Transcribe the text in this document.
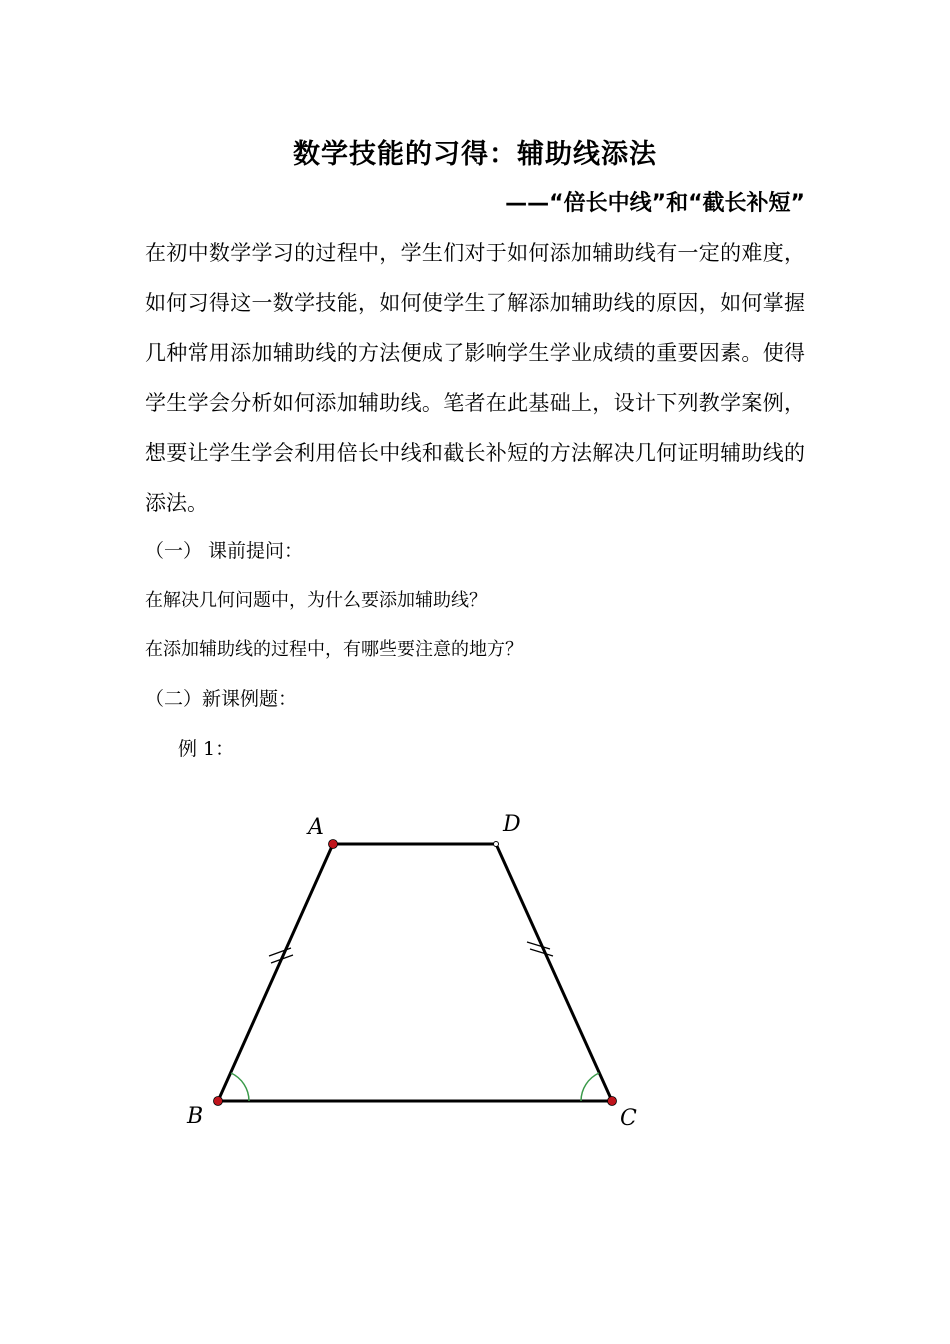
数学技能的习得：辅助线添法
——“倍长中线”和“截长补短”
在初中数学学习的过程中，学生们对于如何添加辅助线有一定的难度，如何习得这一数学技能，如何使学生了解添加辅助线的原因，如何掌握几种常用添加辅助线的方法便成了影响学生学业成绩的重要因素。使得学生学会分析如何添加辅助线。笔者在此基础上，设计下列教学案例，想要让学生学会利用倍长中线和截长补短的方法解决几何证明辅助线的添法。
（一） 课前提问：
在解决几何问题中，为什么要添加辅助线？
在添加辅助线的过程中，有哪些要注意的地方？
（二）新课例题：
例 1：
A	D
B	C
